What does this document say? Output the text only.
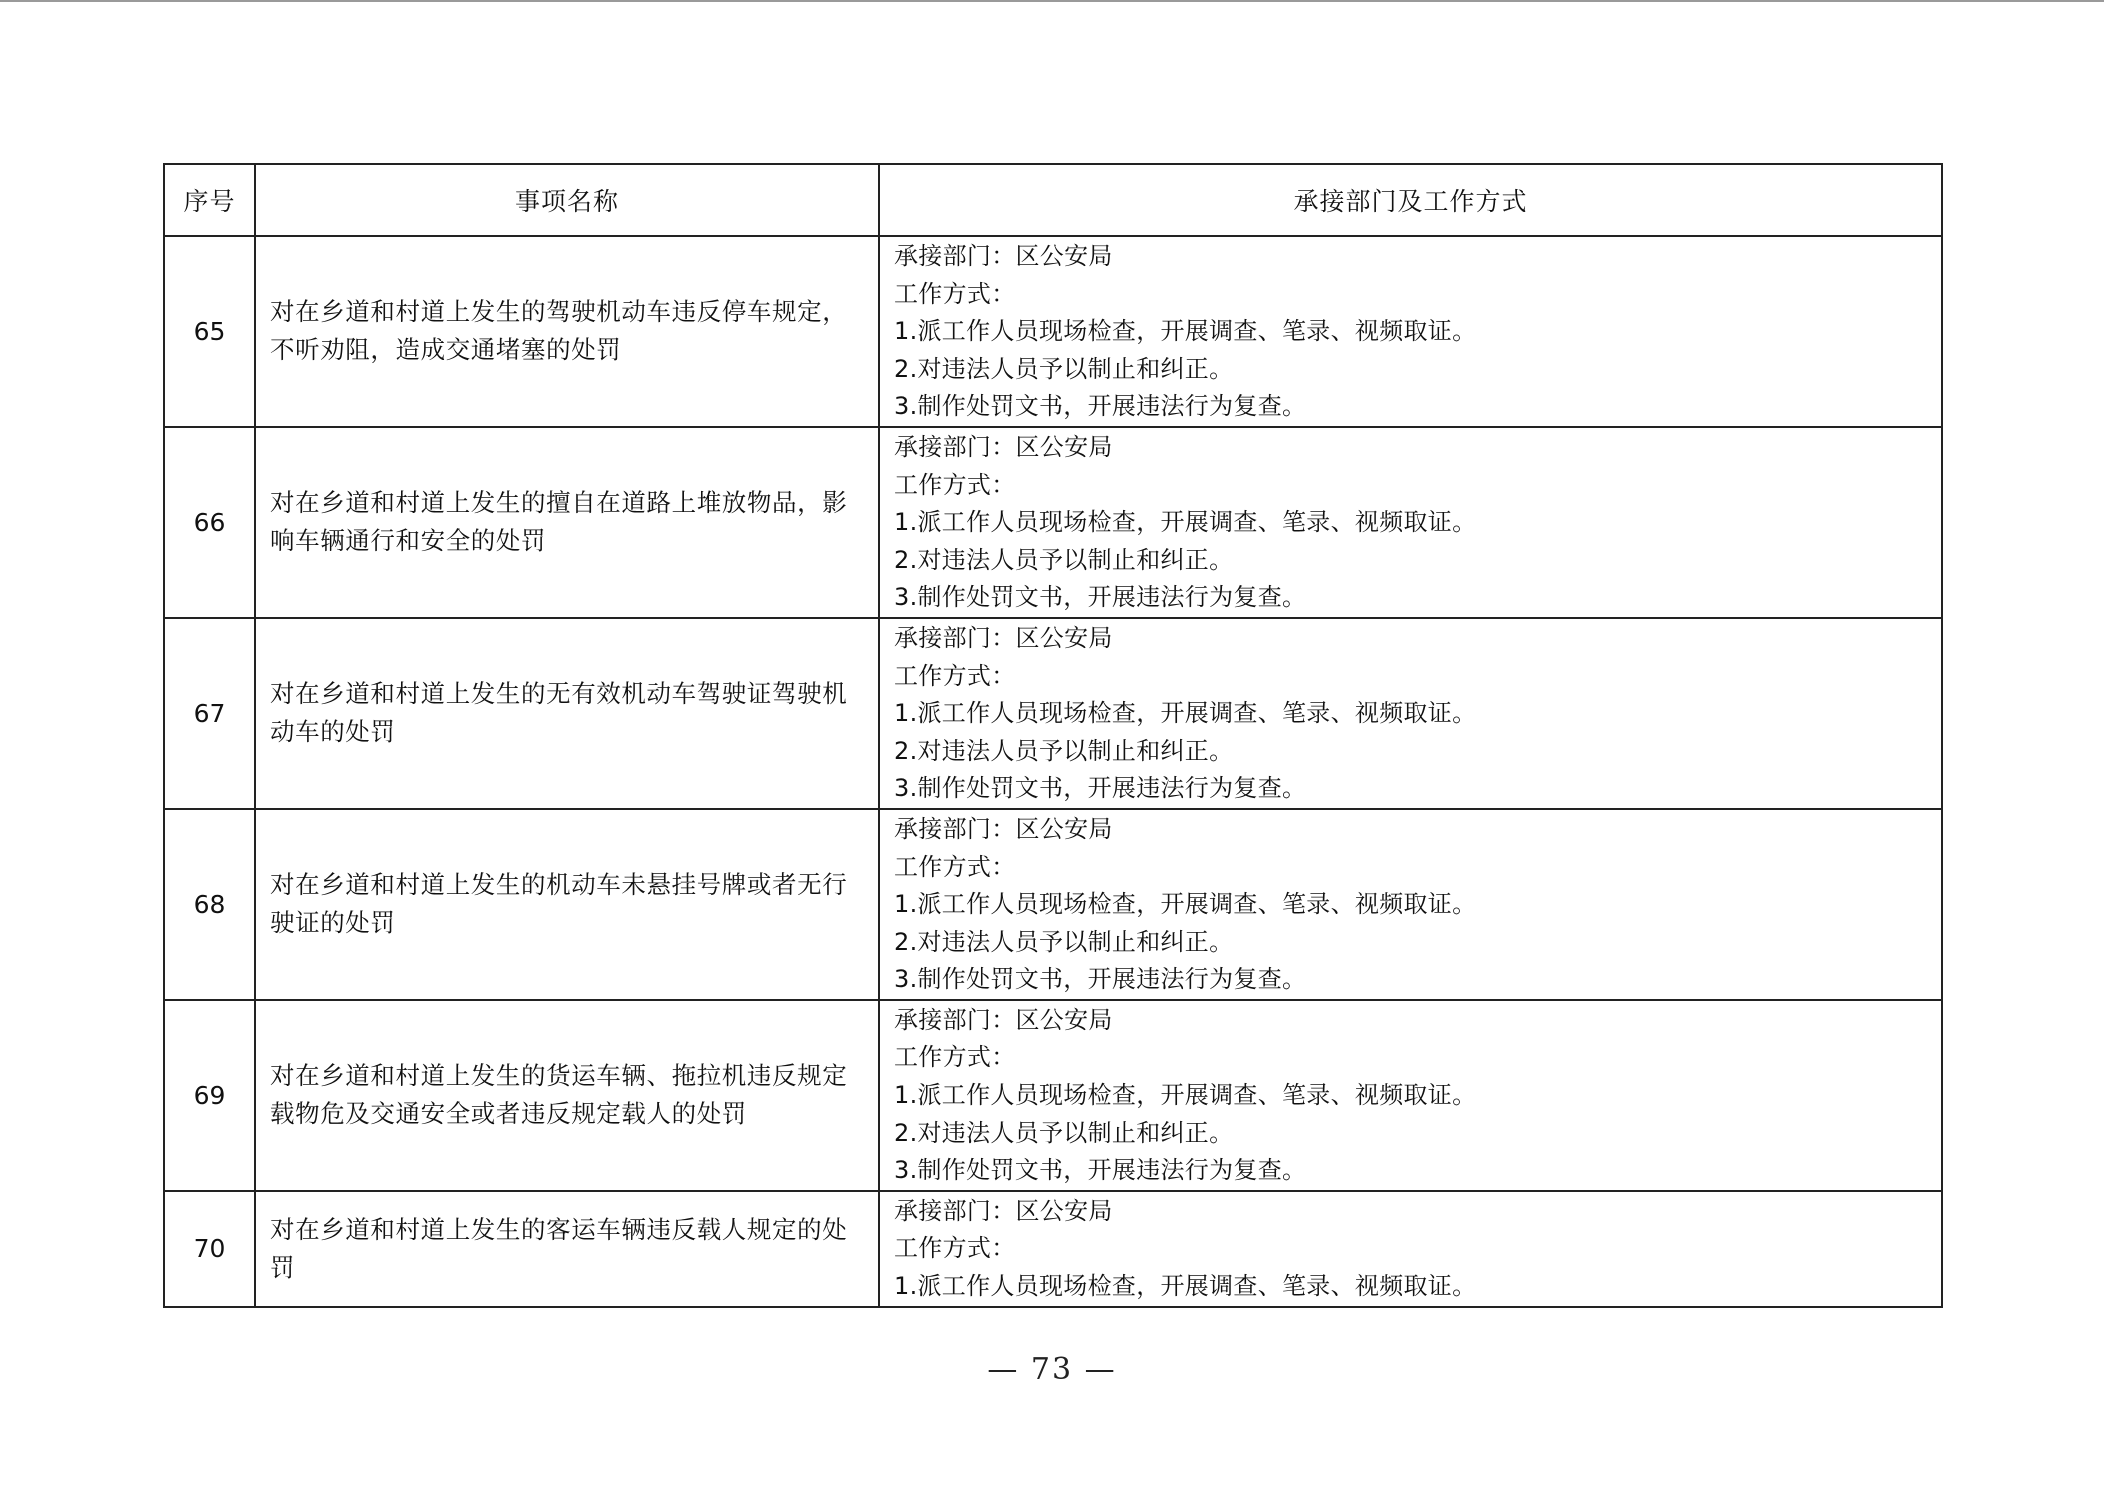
序号	事项名称	承接部门及工作方式
65	对在乡道和村道上发生的驾驶机动车违反停车规定，不听劝阻，造成交通堵塞的处罚	承接部门：区公安局
工作方式：
1.派工作人员现场检查，开展调查、笔录、视频取证。
2.对违法人员予以制止和纠正。
3.制作处罚文书，开展违法行为复查。

66	对在乡道和村道上发生的擅自在道路上堆放物品，影响车辆通行和安全的处罚	承接部门：区公安局
工作方式：
1.派工作人员现场检查，开展调查、笔录、视频取证。
2.对违法人员予以制止和纠正。
3.制作处罚文书，开展违法行为复查。

67	对在乡道和村道上发生的无有效机动车驾驶证驾驶机动车的处罚	承接部门：区公安局
工作方式：
1.派工作人员现场检查，开展调查、笔录、视频取证。
2.对违法人员予以制止和纠正。
3.制作处罚文书，开展违法行为复查。

68	对在乡道和村道上发生的机动车未悬挂号牌或者无行驶证的处罚	承接部门：区公安局
工作方式：
1.派工作人员现场检查，开展调查、笔录、视频取证。
2.对违法人员予以制止和纠正。
3.制作处罚文书，开展违法行为复查。

69	对在乡道和村道上发生的货运车辆、拖拉机违反规定载物危及交通安全或者违反规定载人的处罚	承接部门：区公安局
工作方式：
1.派工作人员现场检查，开展调查、笔录、视频取证。
2.对违法人员予以制止和纠正。
3.制作处罚文书，开展违法行为复查。

70	对在乡道和村道上发生的客运车辆违反载人规定的处罚	承接部门：区公安局
工作方式：
1.派工作人员现场检查，开展调查、笔录、视频取证。
— 73 —
